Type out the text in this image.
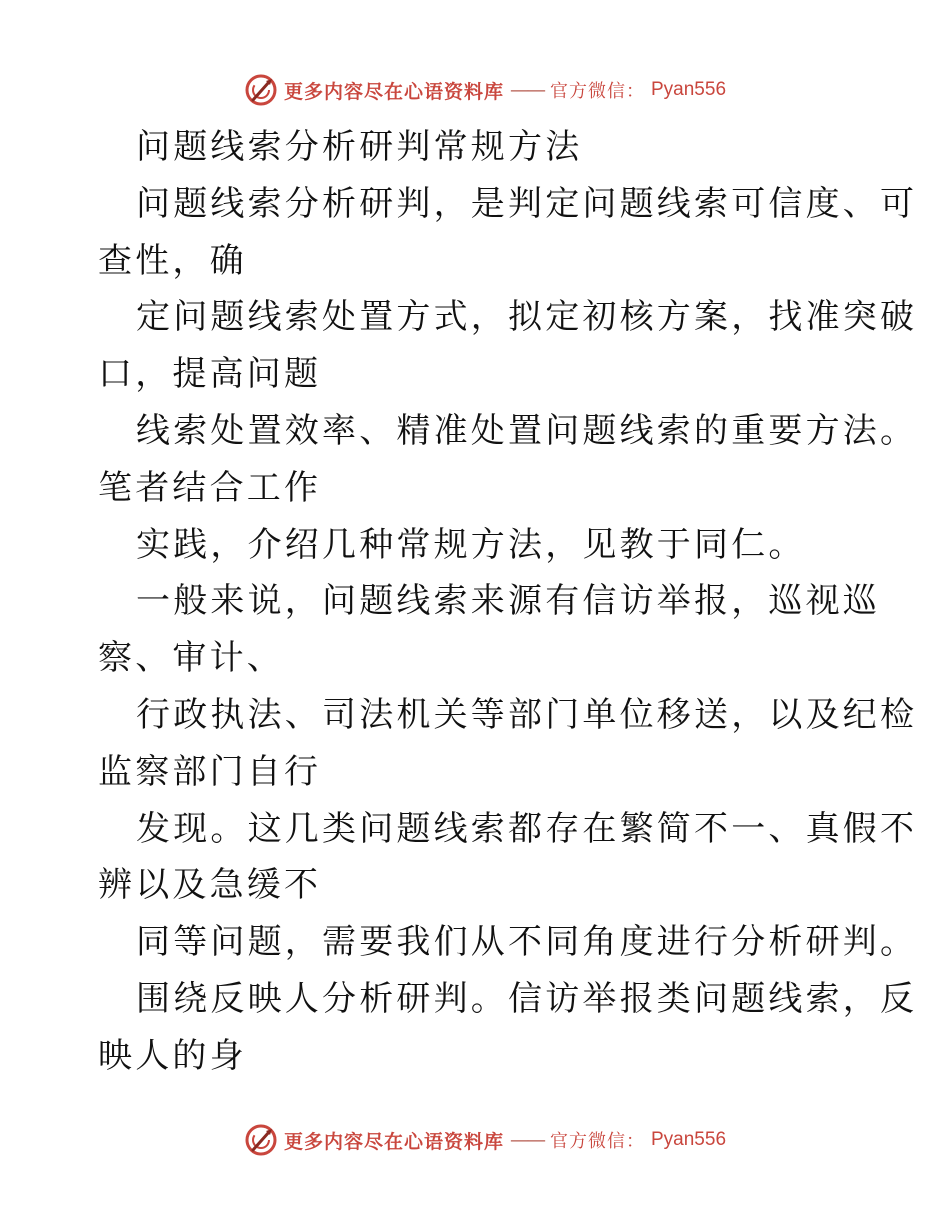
更多内容尽在心语资料库 —— 官方微信： Pyan556
问题线索分析研判常规方法
问题线索分析研判，是判定问题线索可信度、可
查性，确
定问题线索处置方式，拟定初核方案，找准突破
口，提高问题
线索处置效率、精准处置问题线索的重要方法。
笔者结合工作
实践，介绍几种常规方法，见教于同仁。
一般来说，问题线索来源有信访举报，巡视巡
察、审计、
行政执法、司法机关等部门单位移送，以及纪检
监察部门自行
发现。这几类问题线索都存在繁简不一、真假不
辨以及急缓不
同等问题，需要我们从不同角度进行分析研判。
围绕反映人分析研判。信访举报类问题线索，反
映人的身
更多内容尽在心语资料库 —— 官方微信： Pyan556
